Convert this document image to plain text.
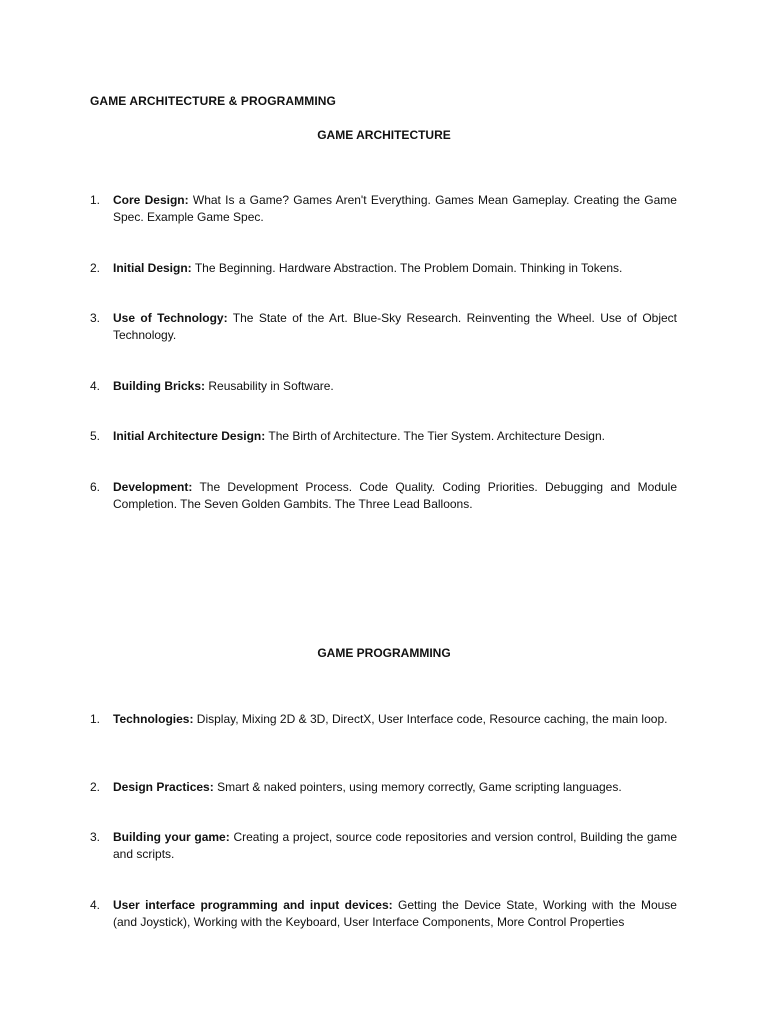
GAME ARCHITECTURE & PROGRAMMING

GAME ARCHITECTURE

1.	Core Design: What Is a Game? Games Aren't Everything. Games Mean Gameplay. Creating the Game Spec. Example Game Spec.
2.	Initial Design: The Beginning. Hardware Abstraction. The Problem Domain. Thinking in Tokens.
3.	Use of Technology: The State of the Art. Blue-Sky Research. Reinventing the Wheel. Use of Object Technology.
4.	Building Bricks: Reusability in Software.
5.	Initial Architecture Design: The Birth of Architecture. The Tier System. Architecture Design.
6.	Development: The Development Process. Code Quality. Coding Priorities. Debugging and Module Completion. The Seven Golden Gambits. The Three Lead Balloons.

GAME PROGRAMMING

1.	Technologies: Display, Mixing 2D & 3D, DirectX, User Interface code, Resource caching, the main loop.
2.	Design Practices: Smart & naked pointers, using memory correctly, Game scripting languages.
3.	Building your game: Creating a project, source code repositories and version control, Building the game and scripts.
4.	User interface programming and input devices: Getting the Device State, Working with the Mouse (and Joystick), Working with the Keyboard, User Interface Components, More Control Properties
